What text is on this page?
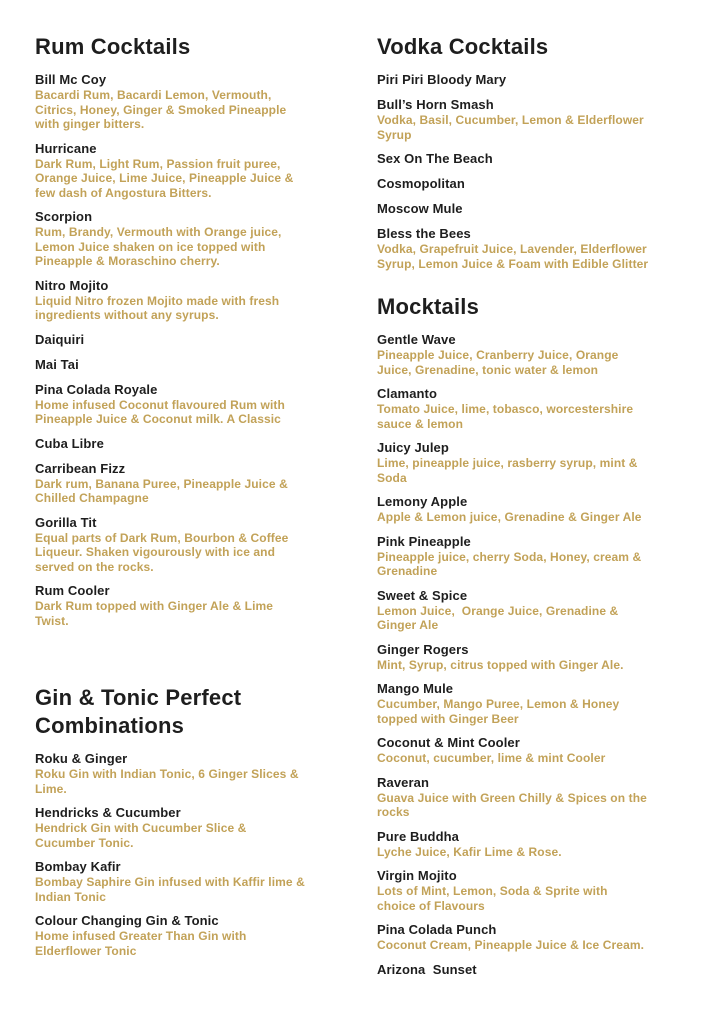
Rum Cocktails
Bill Mc Coy
Bacardi Rum, Bacardi Lemon, Vermouth, Citrics, Honey, Ginger & Smoked Pineapple with ginger bitters.
Hurricane
Dark Rum, Light Rum, Passion fruit puree, Orange Juice, Lime Juice, Pineapple Juice & few dash of Angostura Bitters.
Scorpion
Rum, Brandy, Vermouth with Orange juice, Lemon Juice shaken on ice topped with Pineapple & Moraschino cherry.
Nitro Mojito
Liquid Nitro frozen Mojito made with fresh ingredients without any syrups.
Daiquiri
Mai Tai
Pina Colada Royale
Home infused Coconut flavoured Rum with Pineapple Juice & Coconut milk. A Classic
Cuba Libre
Carribean Fizz
Dark rum, Banana Puree, Pineapple Juice & Chilled Champagne
Gorilla Tit
Equal parts of Dark Rum, Bourbon & Coffee Liqueur. Shaken vigourously with ice and served on the rocks.
Rum Cooler
Dark Rum topped with Ginger Ale & Lime Twist.
Gin & Tonic Perfect Combinations
Roku & Ginger
Roku Gin with Indian Tonic, 6 Ginger Slices & Lime.
Hendricks & Cucumber
Hendrick Gin with Cucumber Slice & Cucumber Tonic.
Bombay Kafir
Bombay Saphire Gin infused with Kaffir lime & Indian Tonic
Colour Changing Gin & Tonic
Home infused Greater Than Gin with Elderflower Tonic
Vodka Cocktails
Piri Piri Bloody Mary
Bull’s Horn Smash
Vodka, Basil, Cucumber, Lemon & Elderflower Syrup
Sex On The Beach
Cosmopolitan
Moscow Mule
Bless the Bees
Vodka, Grapefruit Juice, Lavender, Elderflower Syrup, Lemon Juice & Foam with Edible Glitter
Mocktails
Gentle Wave
Pineapple Juice, Cranberry Juice, Orange Juice, Grenadine, tonic water & lemon
Clamanto
Tomato Juice, lime, tobasco, worcestershire sauce & lemon
Juicy Julep
Lime, pineapple juice, rasberry syrup, mint & Soda
Lemony Apple
Apple & Lemon juice, Grenadine & Ginger Ale
Pink Pineapple
Pineapple juice, cherry Soda, Honey, cream & Grenadine
Sweet & Spice
Lemon Juice,  Orange Juice, Grenadine & Ginger Ale
Ginger Rogers
Mint, Syrup, citrus topped with Ginger Ale.
Mango Mule
Cucumber, Mango Puree, Lemon & Honey topped with Ginger Beer
Coconut & Mint Cooler
Coconut, cucumber, lime & mint Cooler
Raveran
Guava Juice with Green Chilly & Spices on the rocks
Pure Buddha
Lyche Juice, Kafir Lime & Rose.
Virgin Mojito
Lots of Mint, Lemon, Soda & Sprite with choice of Flavours
Pina Colada Punch
Coconut Cream, Pineapple Juice & Ice Cream.
Arizona  Sunset
